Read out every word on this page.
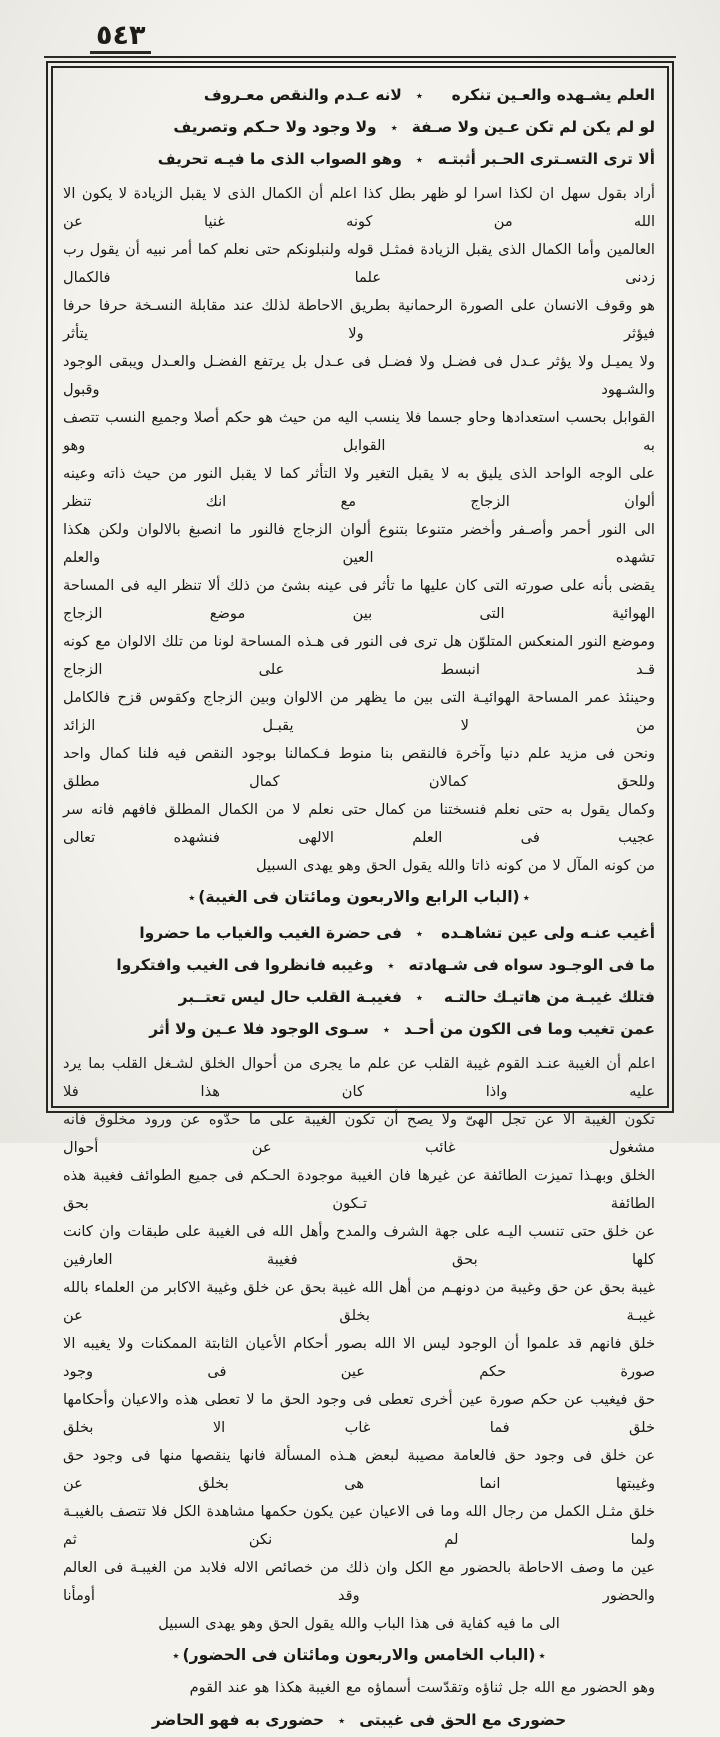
٥٤٣
العلم يشـهده والعـين تنكره
٭
لانه عـدم والنقص معـروف
لو لم يكن لم تكن عـين ولا صـفة
٭
ولا وجود ولا حـكم وتصريف
ألا ترى التسـترى الحـبر أثبتـه
٭
وهو الصواب الذى ما فيـه تحريف
أراد بقول سهل ان لكذا اسرا لو ظهر بطل كذا اعلم أن الكمال الذى لا يقبل الزيادة لا يكون الا الله من كونه غنيا عن
العالمين وأما الكمال الذى يقبل الزيادة فمثـل قوله ولنبلونكم حتى نعلم كما أمر نبيه أن يقول رب زدنى علما فالكمال
هو وقوف الانسان على الصورة الرحمانية بطريق الاحاطة لذلك عند مقابلة النسـخة حرفا حرفا فيؤثر ولا يتأثر
ولا يميـل ولا يؤثر عـدل فى فضـل ولا فضـل فى عـدل بل يرتفع الفضـل والعـدل ويبقى الوجود والشـهود وقبول
القوابل بحسب استعدادها وحاو جسما فلا ينسب اليه من حيث هو حكم أصلا وجميع النسب تتصف به القوابل وهو
على الوجه الواحد الذى يليق به لا يقبل التغير ولا التأثر كما لا يقبل النور من حيث ذاته وعينه ألوان الزجاج مع انك تنظر
الى النور أحمر وأصـفر وأخضر متنوعا بتنوع ألوان الزجاج فالنور ما انصبغ بالالوان ولكن هكذا تشهده العين والعلم
يقضى بأنه على صورته التى كان عليها ما تأثر فى عينه بشئ من ذلك ألا تنظر اليه فى المساحة الهوائية التى بين موضع الزجاج
وموضع النور المنعكس المتلوّن هل ترى فى النور فى هـذه المساحة لونا من تلك الالوان مع كونه قـد انبسط على الزجاج
وحينئذ عمر المساحة الهوائيـة التى بين ما يظهر من الالوان وبين الزجاج وكقوس قزح فالكامل من لا يقبـل الزائد
ونحن فى مزيد علم دنيا وآخرة فالنقص بنا منوط فـكمالنا بوجود النقص فيه فلنا كمال واحد وللحق كمالان كمال مطلق
وكمال يقول به حتى نعلم فنسختنا من كمال حتى نعلم لا من الكمال المطلق فافهم فانه سر عجيب فى العلم الالهى فنشهده تعالى
من كونه المآل لا من كونه ذاتا والله يقول الحق وهو يهدى السبيل
٭(الباب الرابع والاربعون ومائتان فى الغيبة)٭
أغيب عنـه ولى عين تشاهـده
٭
فى حضرة الغيب والغياب ما حضروا
ما فى الوجـود سواه فى شـهادته
٭
وغيبه فانظروا فى الغيب وافتكروا
فتلك غيبـة من هاتيـك حالتـه
٭
فغيبـة القلب حال ليس تعتــبر
عمن تغيب وما فى الكون من أحـد
٭
سـوى الوجود فلا عـين ولا أثر
اعلم أن الغيبة عنـد القوم غيبة القلب عن علم ما يجرى من أحوال الخلق لشـغل القلب بما يرد عليه واذا كان هذا فلا
تكون الغيبة الا عن تجل الهىّ ولا يصح أن تكون الغيبة على ما حدّوه عن ورود مخلوق فانه مشغول غائب عن أحوال
الخلق وبهـذا تميزت الطائفة عن غيرها فان الغيبة موجودة الحـكم فى جميع الطوائف فغيبة هذه الطائفة تـكون بحق
عن خلق حتى تنسب اليـه على جهة الشرف والمدح وأهل الله فى الغيبة على طبقات وان كانت كلها بحق فغيبة العارفين
غيبة بحق عن حق وغيبة من دونهـم من أهل الله غيبة بحق عن خلق وغيبة الاكابر من العلماء بالله غيبـة بخلق عن
خلق فانهم قد علموا أن الوجود ليس الا الله بصور أحكام الأعيان الثابتة الممكنات ولا يغيبه الا صورة حكم عين فى وجود
حق فيغيب عن حكم صورة عين أخرى تعطى فى وجود الحق ما لا تعطى هذه والاعيان وأحكامها خلق فما غاب الا بخلق
عن خلق فى وجود حق فالعامة مصيبة لبعض هـذه المسألة فانها ينقصها منها فى وجود حق وغيبتها انما هى بخلق عن
خلق مثـل الكمل من رجال الله وما فى الاعيان عين يكون حكمها مشاهدة الكل فلا تتصف بالغيبـة ولما لم نكن ثم
عين ما وصف الاحاطة بالحضور مع الكل وان ذلك من خصائص الاله فلابد من الغيبـة فى العالم والحضور وقد أومأنا
الى ما فيه كفاية فى هذا الباب والله يقول الحق وهو يهدى السبيل
٭(الباب الخامس والاربعون ومائتان فى الحضور)٭
وهو الحضور مع الله جل ثناؤه وتقدّست أسماؤه مع الغيبة هكذا هو عند القوم
حضورى مع الحق فى غيبتى
٭
حضورى به فهو الحاضر
